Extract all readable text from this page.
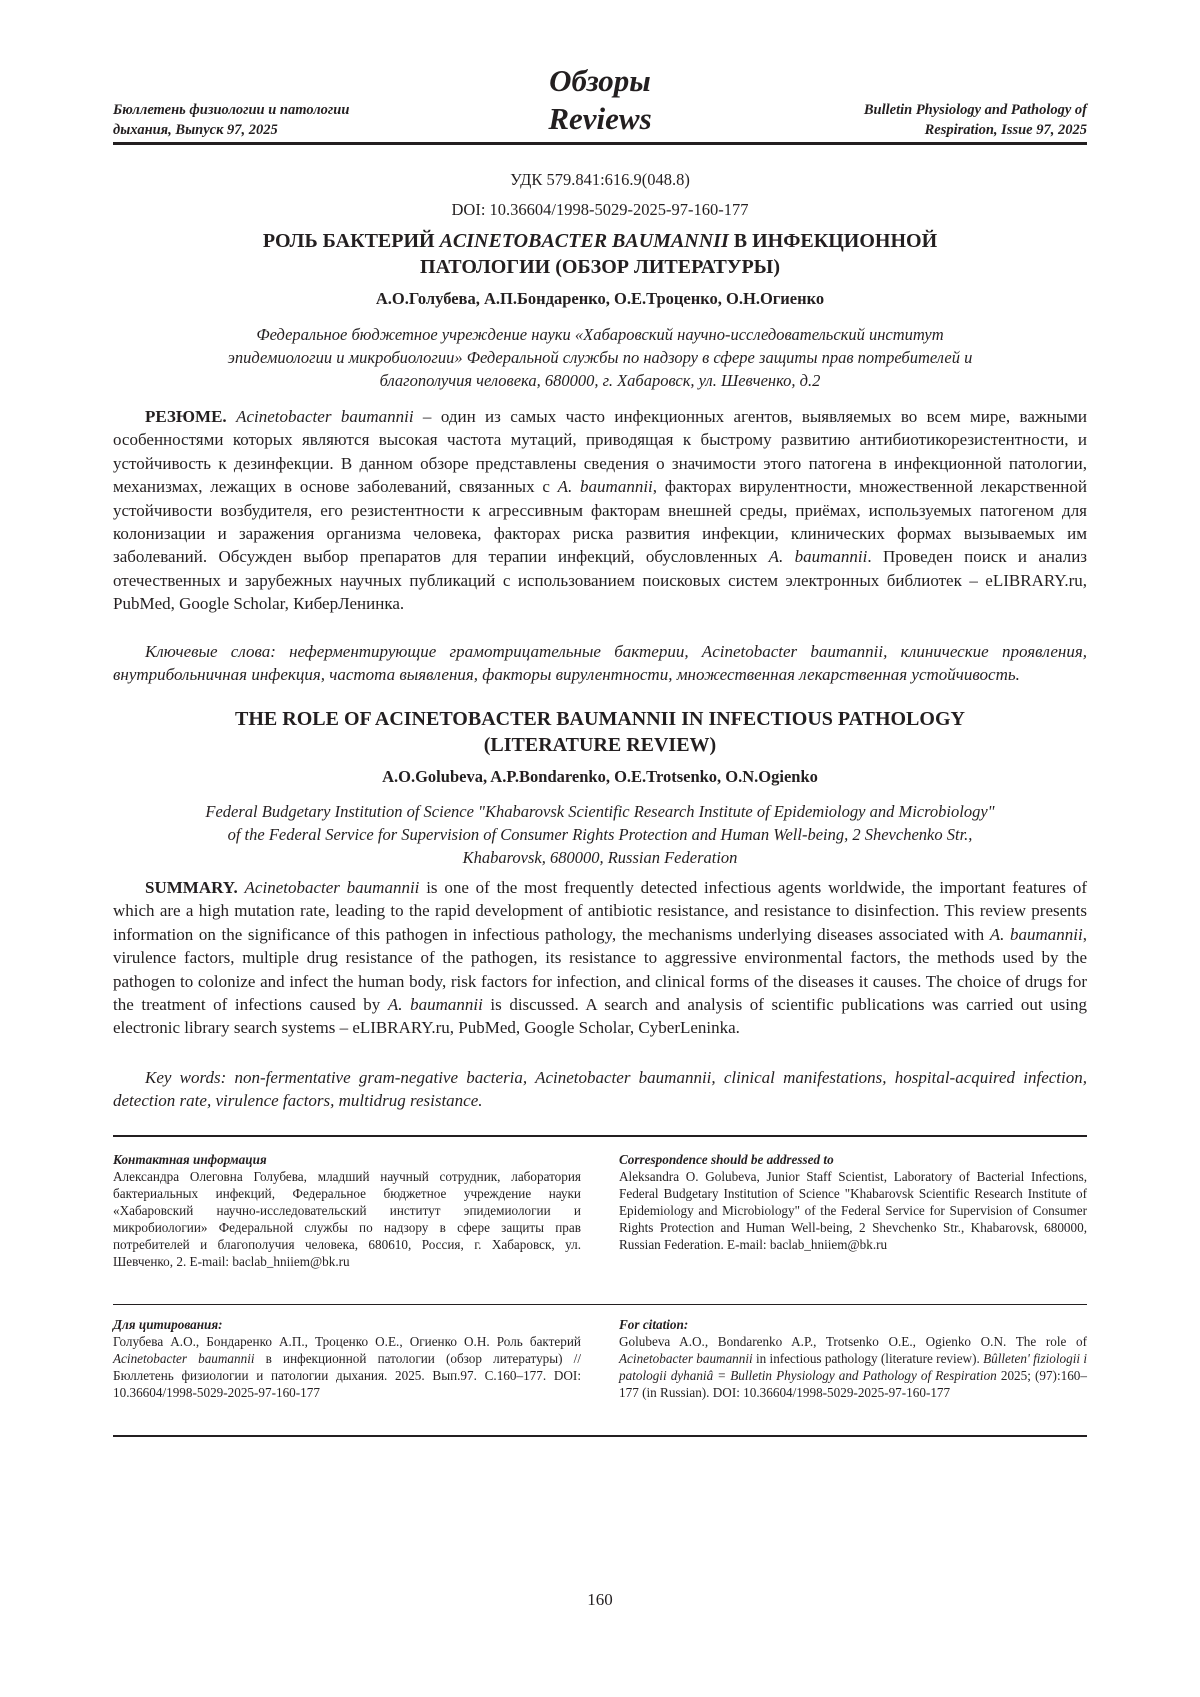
Бюллетень физиологии и патологии
дыхания, Выпуск 97, 2025
Обзоры
Reviews	Bulletin Physiology and Pathology of
Respiration, Issue 97, 2025
УДК 579.841:616.9(048.8)
DOI: 10.36604/1998-5029-2025-97-160-177
РОЛЬ БАКТЕРИЙ ACINETOBACTER BAUMANNII В ИНФЕКЦИОННОЙ
ПАТОЛОГИИ (ОБЗОР ЛИТЕРАТУРЫ)
А.О.Голубева, А.П.Бондаренко, О.Е.Троценко, О.Н.Огиенко
Федеральное бюджетное учреждение науки «Хабаровский научно-исследовательский институт
эпидемиологии и микробиологии» Федеральной службы по надзору в сфере защиты прав потребителей и
благополучия человека, 680000, г. Хабаровск, ул. Шевченко, д.2
РЕЗЮМЕ. Acinetobacter baumannii – один из самых часто инфекционных агентов, выявляемых во всем мире, важными особенностями которых являются высокая частота мутаций, приводящая к быстрому развитию антибиотикорезистентности, и устойчивость к дезинфекции. В данном обзоре представлены сведения о значимости этого патогена в инфекционной патологии, механизмах, лежащих в основе заболеваний, связанных с A. baumannii, факторах вирулентности, множественной лекарственной устойчивости возбудителя, его резистентности к агрессивным факторам внешней среды, приёмах, используемых патогеном для колонизации и заражения организма человека, факторах риска развития инфекции, клинических формах вызываемых им заболеваний. Обсужден выбор препаратов для терапии инфекций, обусловленных A. baumannii. Проведен поиск и анализ отечественных и зарубежных научных публикаций с использованием поисковых систем электронных библиотек – eLIBRARY.ru, PubMed, Google Scholar, КиберЛенинка.
Ключевые слова: неферментирующие грамотрицательные бактерии, Acinetobacter baumannii, клинические проявления, внутрибольничная инфекция, частота выявления, факторы вирулентности, множественная лекарственная устойчивость.
THE ROLE OF ACINETOBACTER BAUMANNII IN INFECTIOUS PATHOLOGY
(LITERATURE REVIEW)
A.O.Golubeva, A.P.Bondarenko, O.E.Trotsenko, O.N.Ogienko
Federal Budgetary Institution of Science "Khabarovsk Scientific Research Institute of Epidemiology and Microbiology"
of the Federal Service for Supervision of Consumer Rights Protection and Human Well-being, 2 Shevchenko Str.,
Khabarovsk, 680000, Russian Federation
SUMMARY. Acinetobacter baumannii is one of the most frequently detected infectious agents worldwide, the important features of which are a high mutation rate, leading to the rapid development of antibiotic resistance, and resistance to disinfection. This review presents information on the significance of this pathogen in infectious pathology, the mechanisms underlying diseases associated with A. baumannii, virulence factors, multiple drug resistance of the pathogen, its resistance to aggressive environmental factors, the methods used by the pathogen to colonize and infect the human body, risk factors for infection, and clinical forms of the diseases it causes. The choice of drugs for the treatment of infections caused by A. baumannii is discussed. A search and analysis of scientific publications was carried out using electronic library search systems – eLIBRARY.ru, PubMed, Google Scholar, CyberLeninka.
Key words: non-fermentative gram-negative bacteria, Acinetobacter baumannii, clinical manifestations, hospital-acquired infection, detection rate, virulence factors, multidrug resistance.
Контактная информация
Александра Олеговна Голубева, младший научный сотрудник, лаборатория бактериальных инфекций, Федеральное бюджетное учреждение науки «Хабаровский научно-исследовательский институт эпидемиологии и микробиологии» Федеральной службы по надзору в сфере защиты прав потребителей и благополучия человека, 680610, Россия, г. Хабаровск, ул. Шевченко, 2. E-mail: baclab_hniiem@bk.ru
Correspondence should be addressed to
Aleksandra O. Golubeva, Junior Staff Scientist, Laboratory of Bacterial Infections, Federal Budgetary Institution of Science "Khabarovsk Scientific Research Institute of Epidemiology and Microbiology" of the Federal Service for Supervision of Consumer Rights Protection and Human Well-being, 2 Shevchenko Str., Khabarovsk, 680000, Russian Federation. E-mail: baclab_hniiem@bk.ru
Для цитирования:
Голубева А.О., Бондаренко А.П., Троценко О.Е., Огиенко О.Н. Роль бактерий Acinetobacter baumannii в инфекционной патологии (обзор литературы) // Бюллетень физиологии и патологии дыхания. 2025. Вып.97. С.160–177. DOI: 10.36604/1998-5029-2025-97-160-177
For citation:
Golubeva A.O., Bondarenko A.P., Trotsenko O.E., Ogienko O.N. The role of Acinetobacter baumannii in infectious pathology (literature review). Bûlleten' fiziologii i patologii dyhaniâ = Bulletin Physiology and Pathology of Respiration 2025; (97):160–177 (in Russian). DOI: 10.36604/1998-5029-2025-97-160-177
160
